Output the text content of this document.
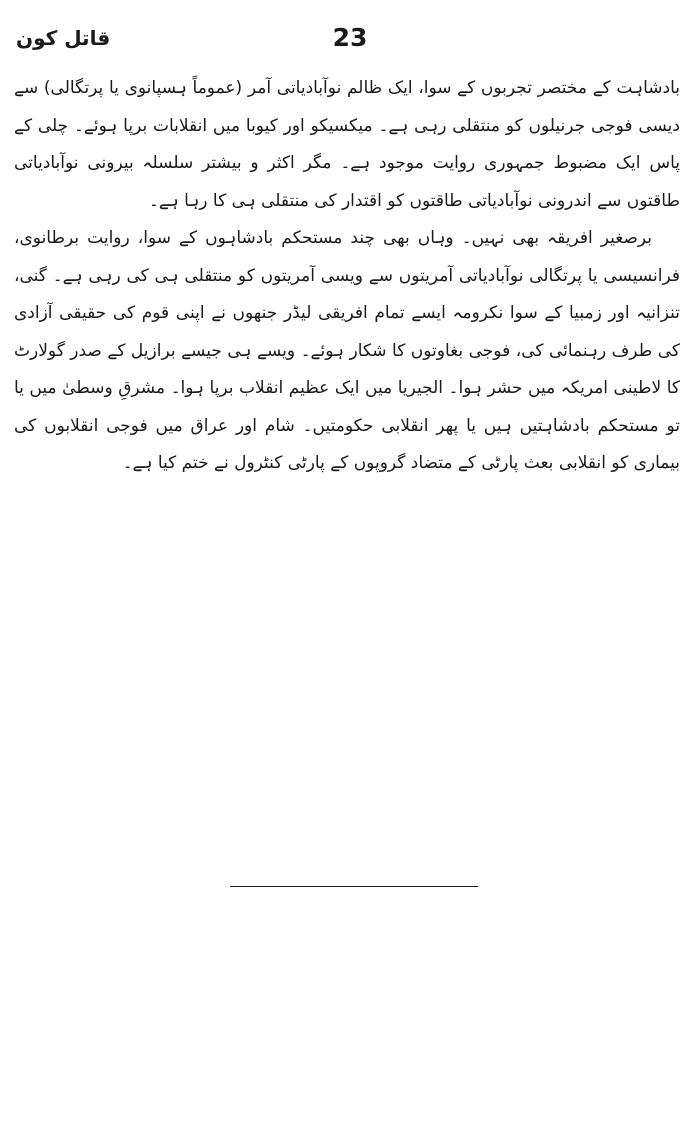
23
قاتل کون

بادشاہت کے مختصر تجربوں کے سوا، ایک ظالم نوآبادیاتی آمر (عموماً ہسپانوی یا پرتگالی) سے دیسی فوجی جرنیلوں کو منتقلی رہی ہے۔ میکسیکو اور کیوبا میں انقلابات برپا ہوئے۔ چلی کے پاس ایک مضبوط جمہوری روایت موجود ہے۔ مگر اکثر و بیشتر سلسلہ بیرونی نوآبادیاتی طاقتوں سے اندرونی نوآبادیاتی طاقتوں کو اقتدار کی منتقلی ہی کا رہا ہے۔

برصغیر افریقہ بھی نہیں۔ وہاں بھی چند مستحکم بادشاہوں کے سوا، روایت برطانوی، فرانسیسی یا پرتگالی نوآبادیاتی آمریتوں سے ویسی آمریتوں کو منتقلی ہی کی رہی ہے۔ گنی، تنزانیہ اور زمبیا کے سوا نکرومہ ایسے تمام افریقی لیڈر جنھوں نے اپنی قوم کی حقیقی آزادی کی طرف رہنمائی کی، فوجی بغاوتوں کا شکار ہوئے۔ ویسے ہی جیسے برازیل کے صدر گولارٹ کا لاطینی امریکہ میں حشر ہوا۔ الجیریا میں ایک عظیم انقلاب برپا ہوا۔ مشرقِ وسطیٰ میں یا تو مستحکم بادشاہتیں ہیں یا پھر انقلابی حکومتیں۔ شام اور عراق میں فوجی انقلابوں کی بیماری کو انقلابی بعث پارٹی کے متضاد گروپوں کے پارٹی کنٹرول نے ختم کیا ہے۔
